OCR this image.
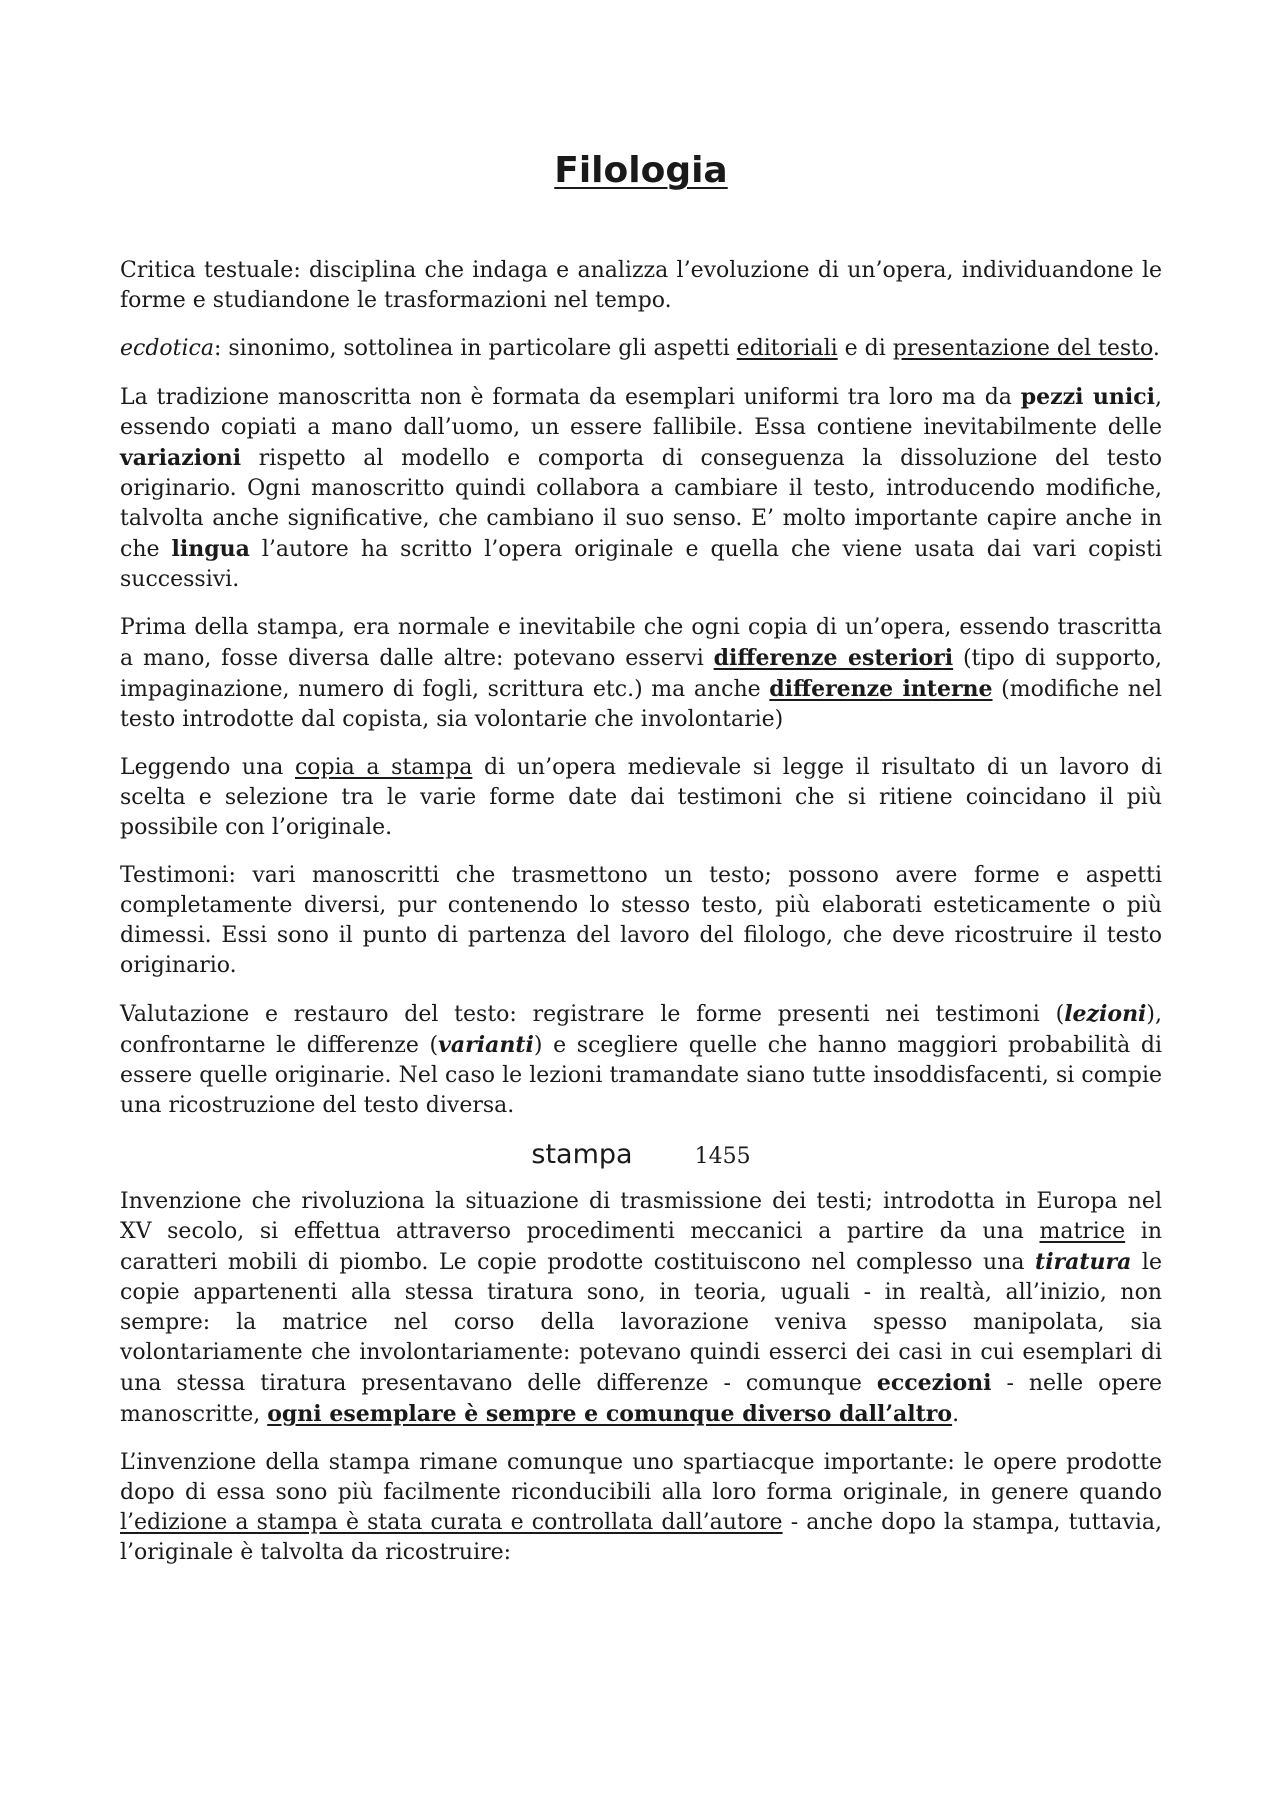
Filologia

Critica testuale: disciplina che indaga e analizza l’evoluzione di un’opera, individuandone le forme e studiandone le trasformazioni nel tempo.

ecdotica: sinonimo, sottolinea in particolare gli aspetti editoriali e di presentazione del testo.

La tradizione manoscritta non è formata da esemplari uniformi tra loro ma da pezzi unici, essendo copiati a mano dall’uomo, un essere fallibile. Essa contiene inevitabilmente delle variazioni rispetto al modello e comporta di conseguenza la dissoluzione del testo originario. Ogni manoscritto quindi collabora a cambiare il testo, introducendo modifiche, talvolta anche significative, che cambiano il suo senso. E’ molto importante capire anche in che lingua l’autore ha scritto l’opera originale e quella che viene usata dai vari copisti successivi.

Prima della stampa, era normale e inevitabile che ogni copia di un’opera, essendo trascritta a mano, fosse diversa dalle altre: potevano esservi differenze esteriori (tipo di supporto, impaginazione, numero di fogli, scrittura etc.) ma anche differenze interne (modifiche nel testo introdotte dal copista, sia volontarie che involontarie)

Leggendo una copia a stampa di un’opera medievale si legge il risultato di un lavoro di scelta e selezione tra le varie forme date dai testimoni che si ritiene coincidano il più possibile con l’originale.

Testimoni: vari manoscritti che trasmettono un testo; possono avere forme e aspetti completamente diversi, pur contenendo lo stesso testo, più elaborati esteticamente o più dimessi. Essi sono il punto di partenza del lavoro del filologo, che deve ricostruire il testo originario.

Valutazione e restauro del testo: registrare le forme presenti nei testimoni (lezioni), confrontarne le differenze (varianti) e scegliere quelle che hanno maggiori probabilità di essere quelle originarie. Nel caso le lezioni tramandate siano tutte insoddisfacenti, si compie una ricostruzione del testo diversa.

stampa	1455

Invenzione che rivoluziona la situazione di trasmissione dei testi; introdotta in Europa nel XV secolo, si effettua attraverso procedimenti meccanici a partire da una matrice in caratteri mobili di piombo. Le copie prodotte costituiscono nel complesso una tiratura le copie appartenenti alla stessa tiratura sono, in teoria, uguali - in realtà, all’inizio, non sempre: la matrice nel corso della lavorazione veniva spesso manipolata, sia volontariamente che involontariamente: potevano quindi esserci dei casi in cui esemplari di una stessa tiratura presentavano delle differenze - comunque eccezioni - nelle opere manoscritte, ogni esemplare è sempre e comunque diverso dall’altro.

L’invenzione della stampa rimane comunque uno spartiacque importante: le opere prodotte dopo di essa sono più facilmente riconducibili alla loro forma originale, in genere quando l’edizione a stampa è stata curata e controllata dall’autore - anche dopo la stampa, tuttavia, l’originale è talvolta da ricostruire:
